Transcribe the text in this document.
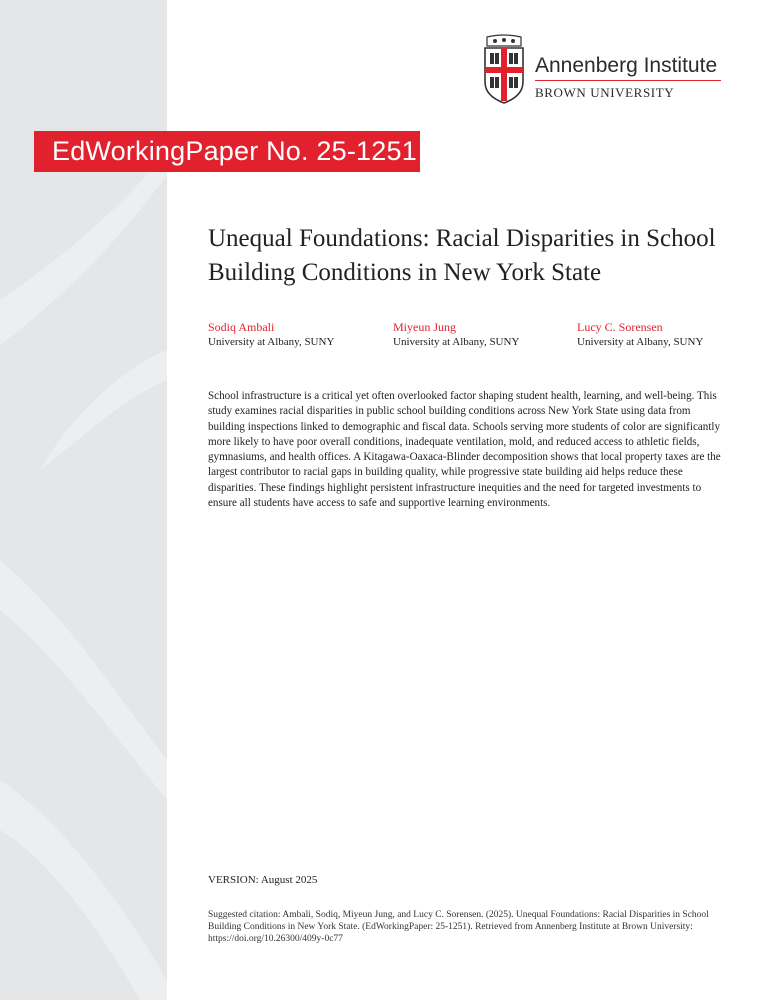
EdWorkingPaper No. 25-1251
Annenberg Institute
BROWN UNIVERSITY
Unequal Foundations: Racial Disparities in School Building Conditions in New York State
Sodiq Ambali
University at Albany, SUNY
Miyeun Jung
University at Albany, SUNY
Lucy C. Sorensen
University at Albany, SUNY

School infrastructure is a critical yet often overlooked factor shaping student health, learning, and well-being. This study examines racial disparities in public school building conditions across New York State using data from building inspections linked to demographic and fiscal data. Schools serving more students of color are significantly more likely to have poor overall conditions, inadequate ventilation, mold, and reduced access to athletic fields, gymnasiums, and health offices. A Kitagawa-Oaxaca-Blinder decomposition shows that local property taxes are the largest contributor to racial gaps in building quality, while progressive state building aid helps reduce these disparities. These findings highlight persistent infrastructure inequities and the need for targeted investments to ensure all students have access to safe and supportive learning environments.

VERSION: August 2025

Suggested citation: Ambali, Sodiq, Miyeun Jung, and Lucy C. Sorensen. (2025). Unequal Foundations: Racial Disparities in School Building Conditions in New York State. (EdWorkingPaper: 25-1251). Retrieved from Annenberg Institute at Brown University: https://doi.org/10.26300/409y-0c77
